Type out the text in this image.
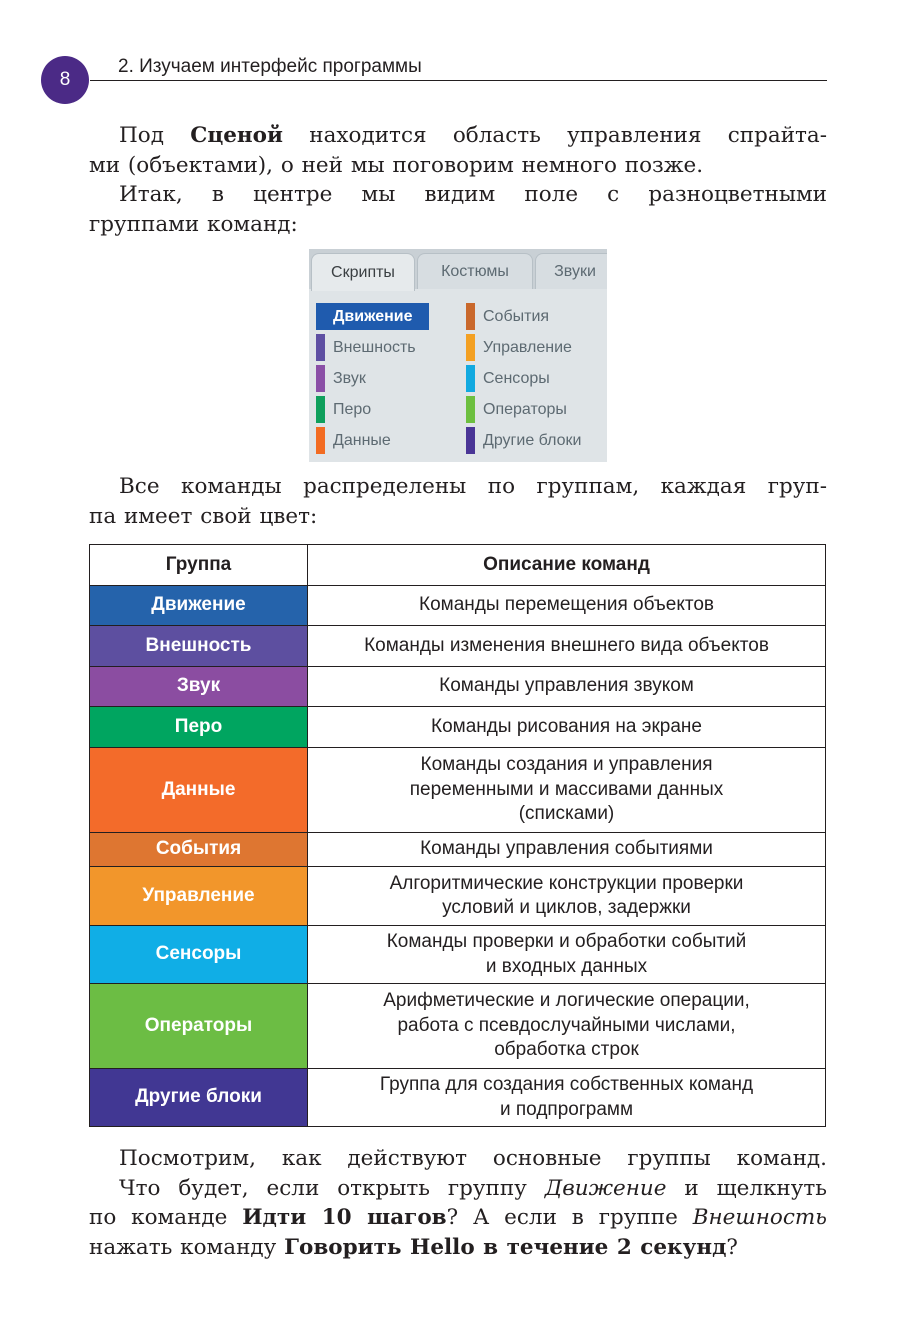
8
2. Изучаем интерфейс программы

Под Сценой находится область управления спрайта-
ми (объектами), о ней мы поговорим немного позже.

Итак, в центре мы видим поле с разноцветными
группами команд:

Скрипты	Костюмы	Звуки
Движение
Внешность
Звук
Перо
Данные
События
Управление
Сенсоры
Операторы
Другие блоки

Все команды распределены по группам, каждая груп-
па имеет свой цвет:

Группа	Описание команд
Движение	Команды перемещения объектов

Внешность	Команды изменения внешнего вида объектов

Звук	Команды управления звуком

Перо	Команды рисования на экране

Данные	Команды создания и управления
переменными и массивами данных
(списками)

События	Команды управления событиями

Управление	Алгоритмические конструкции проверки
условий и циклов, задержки

Сенсоры	Команды проверки и обработки событий
и входных данных

Операторы	Арифметические и логические операции,
работа с псевдослучайными числами,
обработка строк

Другие блоки	Группа для создания собственных команд
и подпрограмм

Посмотрим, как действуют основные группы команд.
Что будет, если открыть группу Движение и щелкнуть
по команде Идти 10 шагов? А если в группе Внешность
нажать команду Говорить Hello в течение 2 секунд?
